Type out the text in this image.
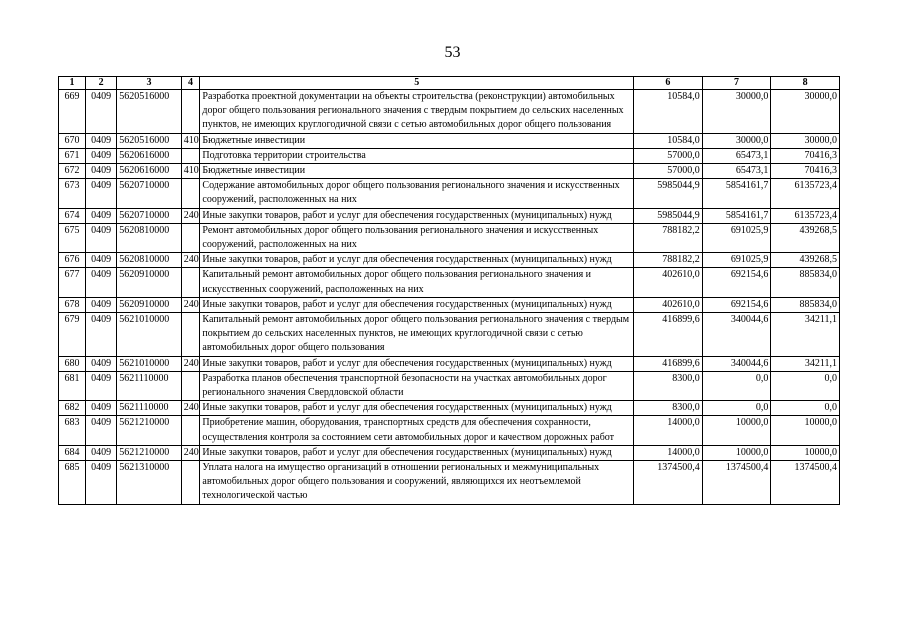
53
1	2	3	4	5	6	7	8
669	0409	5620516000		Разработка проектной документации на объекты строительства (реконструкции) автомобильных дорог общего пользования регионального значения с твердым покрытием до сельских населенных пунктов, не имеющих круглогодичной связи с сетью автомобильных дорог общего пользования	10584,0	30000,0	30000,0
670	0409	5620516000	410	Бюджетные инвестиции	10584,0	30000,0	30000,0
671	0409	5620616000		Подготовка территории строительства	57000,0	65473,1	70416,3
672	0409	5620616000	410	Бюджетные инвестиции	57000,0	65473,1	70416,3
673	0409	5620710000		Содержание автомобильных дорог общего пользования регионального значения и искусственных сооружений, расположенных на них	5985044,9	5854161,7	6135723,4
674	0409	5620710000	240	Иные закупки товаров, работ и услуг для обеспечения государственных (муниципальных) нужд	5985044,9	5854161,7	6135723,4
675	0409	5620810000		Ремонт автомобильных дорог общего пользования регионального значения и искусственных сооружений, расположенных на них	788182,2	691025,9	439268,5
676	0409	5620810000	240	Иные закупки товаров, работ и услуг для обеспечения государственных (муниципальных) нужд	788182,2	691025,9	439268,5
677	0409	5620910000		Капитальный ремонт автомобильных дорог общего пользования регионального значения и искусственных сооружений, расположенных на них	402610,0	692154,6	885834,0
678	0409	5620910000	240	Иные закупки товаров, работ и услуг для обеспечения государственных (муниципальных) нужд	402610,0	692154,6	885834,0
679	0409	5621010000		Капитальный ремонт автомобильных дорог общего пользования регионального значения с твердым покрытием до сельских населенных пунктов, не имеющих круглогодичной связи с сетью автомобильных дорог общего пользования	416899,6	340044,6	34211,1
680	0409	5621010000	240	Иные закупки товаров, работ и услуг для обеспечения государственных (муниципальных) нужд	416899,6	340044,6	34211,1
681	0409	5621110000		Разработка планов обеспечения транспортной безопасности на участках автомобильных дорог регионального значения Свердловской области	8300,0	0,0	0,0
682	0409	5621110000	240	Иные закупки товаров, работ и услуг для обеспечения государственных (муниципальных) нужд	8300,0	0,0	0,0
683	0409	5621210000		Приобретение машин, оборудования, транспортных средств для обеспечения сохранности, осуществления контроля за состоянием сети автомобильных дорог и качеством дорожных работ	14000,0	10000,0	10000,0
684	0409	5621210000	240	Иные закупки товаров, работ и услуг для обеспечения государственных (муниципальных) нужд	14000,0	10000,0	10000,0
685	0409	5621310000		Уплата налога на имущество организаций в отношении региональных и межмуниципальных автомобильных дорог общего пользования и сооружений, являющихся их неотъемлемой технологической частью	1374500,4	1374500,4	1374500,4
